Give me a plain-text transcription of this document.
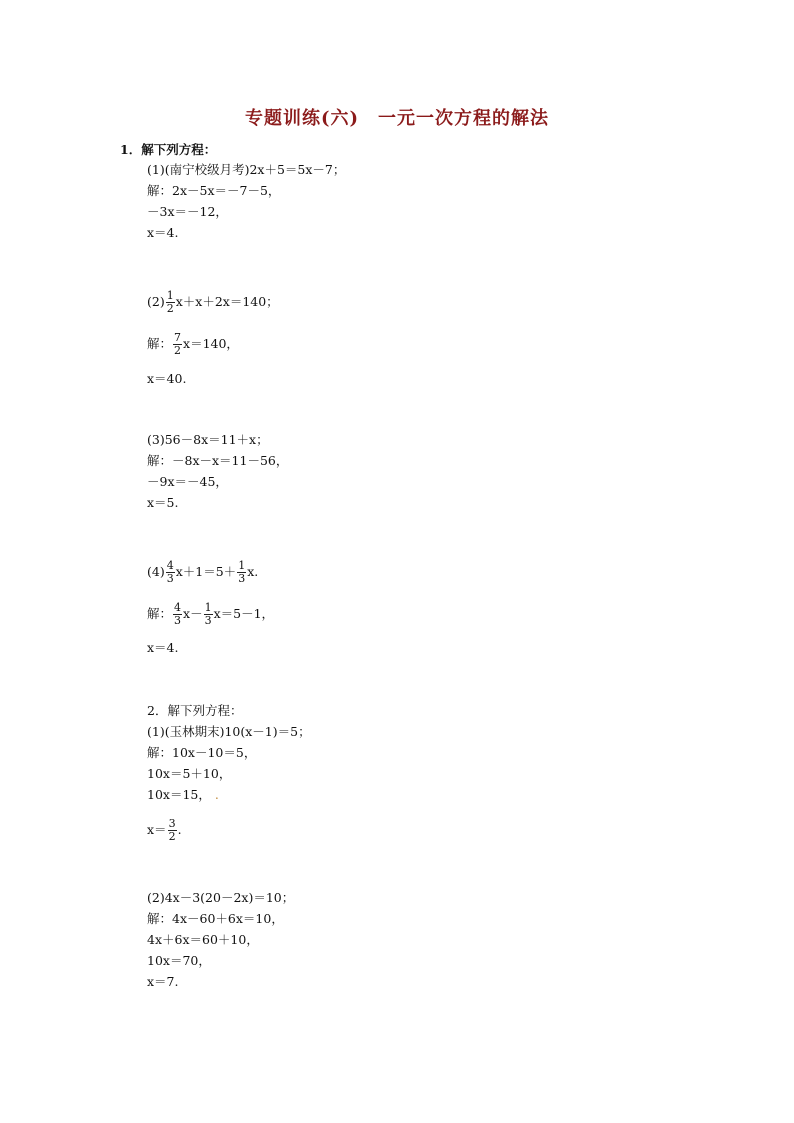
专题训练(六)　一元一次方程的解法
1．解下列方程：
(1)(南宁校级月考)2x＋5＝5x－7；
解：2x－5x＝－7－5，
－3x＝－12，
x＝4.
$(2) \frac{1}{2} x+x+2x=140$；
解： $\frac{7}{2} x=140$，
x＝40.
(3)56－8x＝11＋x；
解：－8x－x＝11－56，
－9x＝－45，
x＝5.
$(4) \frac{4}{3} x+1=5+ \frac{1}{3} x$.
解： $\frac{4}{3} x- \frac{1}{3} x=5-1$，
x＝4.
2．解下列方程：
(1)(玉林期末)10(x－1)＝5；
解：10x－10＝5，
10x＝5＋10，
10x＝15， .
$x= \frac{3}{2}$ .
(2)4x－3(20－2x)＝10；
解：4x－60＋6x＝10，
4x＋6x＝60＋10，
10x＝70，
x＝7.
